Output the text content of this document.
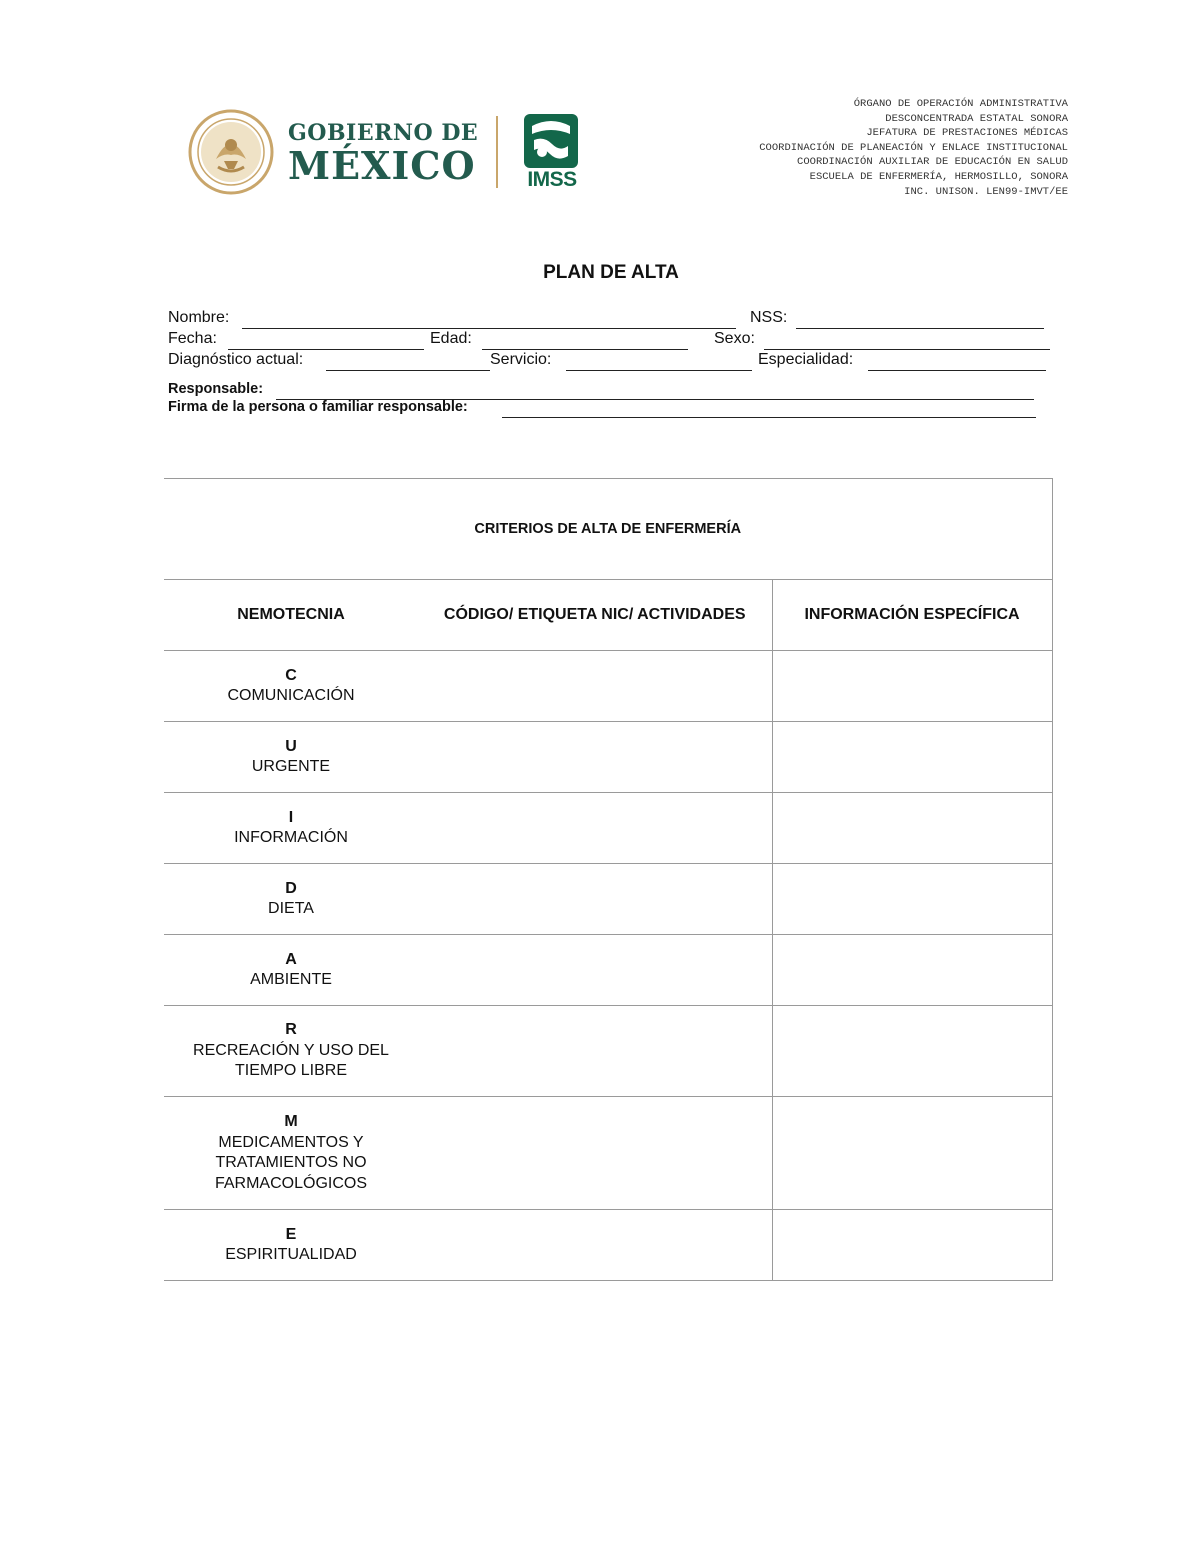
GOBIERNO DE
MÉXICO	IMSS
ÓRGANO DE OPERACIÓN ADMINISTRATIVA
DESCONCENTRADA ESTATAL SONORA
JEFATURA DE PRESTACIONES MÉDICAS
COORDINACIÓN DE PLANEACIÓN Y ENLACE INSTITUCIONAL
COORDINACIÓN AUXILIAR DE EDUCACIÓN EN SALUD
ESCUELA DE ENFERMERÍA, HERMOSILLO, SONORA
INC. UNISON. LEN99-IMVT/EE
PLAN DE ALTA
Nombre:	NSS:
Fecha:	Edad:	Sexo:
Diagnóstico actual:	Servicio:	Especialidad:
Responsable:
Firma de la persona o familiar responsable:
CRITERIOS DE ALTA DE ENFERMERÍA		
NEMOTECNIA	CÓDIGO/ ETIQUETA NIC/ ACTIVIDADES	INFORMACIÓN ESPECÍFICA

C
COMUNICACIÓN		

U
URGENTE		

I
INFORMACIÓN		

D
DIETA		

A
AMBIENTE		

R
RECREACIÓN Y USO DEL
TIEMPO LIBRE		

M
MEDICAMENTOS Y
TRATAMIENTOS NO
FARMACOLÓGICOS		

E
ESPIRITUALIDAD		
